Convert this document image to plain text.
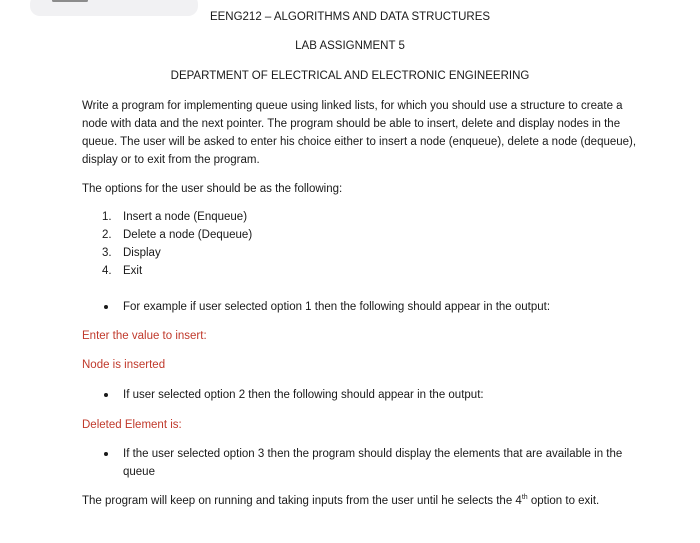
EENG212 – ALGORITHMS AND DATA STRUCTURES
LAB ASSIGNMENT 5
DEPARTMENT OF ELECTRICAL AND ELECTRONIC ENGINEERING
Write a program for implementing queue using linked lists, for which you should use a structure to create a node with data and the next pointer. The program should be able to insert, delete and display nodes in the queue. The user will be asked to enter his choice either to insert a node (enqueue), delete a node (dequeue), display or to exit from the program.
The options for the user should be as the following:
1. Insert a node (Enqueue)
2. Delete a node (Dequeue)
3. Display
4. Exit
For example if user selected option 1 then the following should appear in the output:
Enter the value to insert:
Node is inserted
If user selected option 2 then the following should appear in the output:
Deleted Element is:
If the user selected option 3 then the program should display the elements that are available in the queue
The program will keep on running and taking inputs from the user until he selects the 4th option to exit.
